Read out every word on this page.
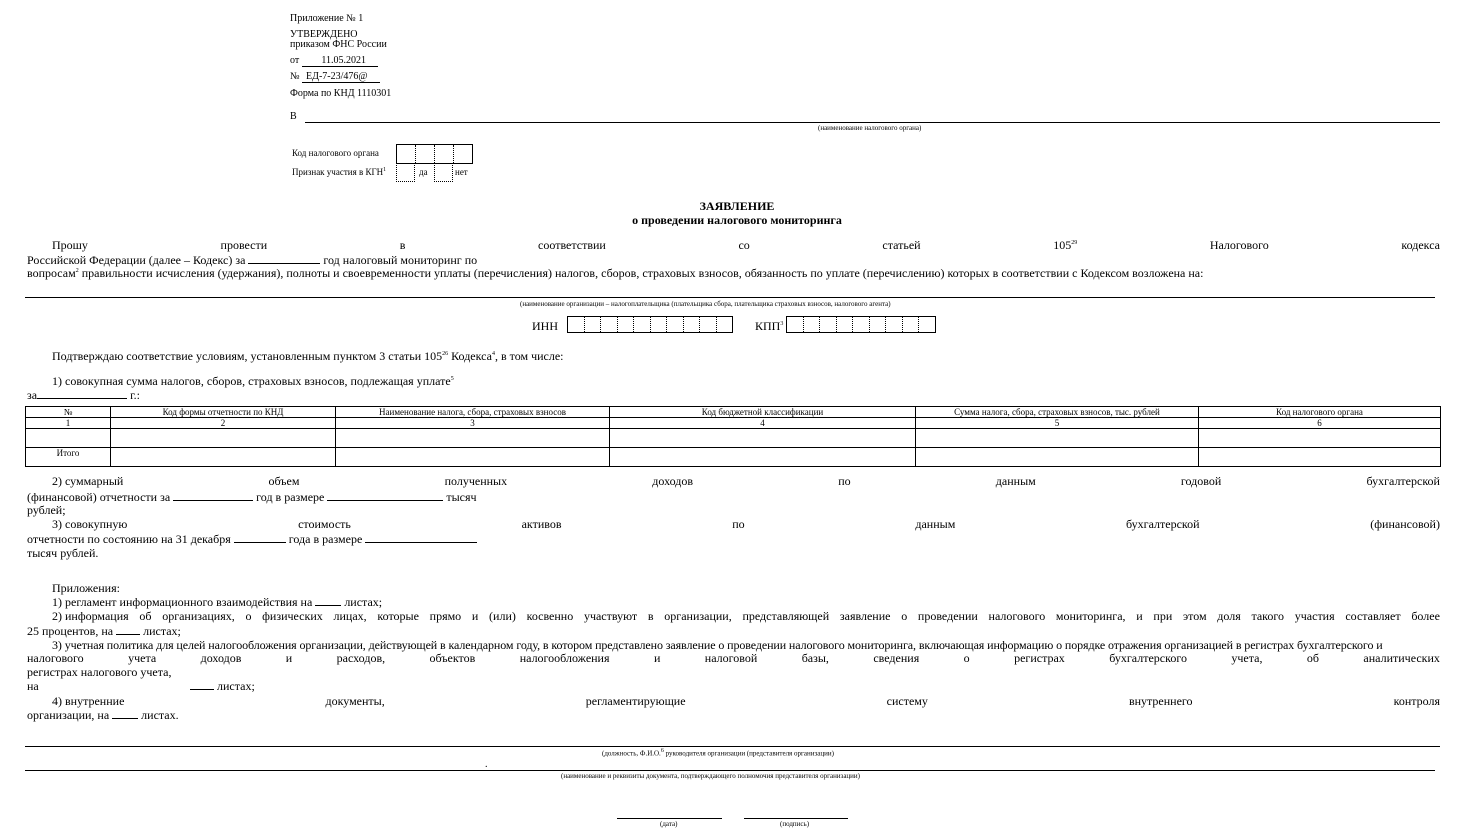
Приложение № 1
УТВЕРЖДЕНО
приказом ФНС России
от 11.05.2021
№ ЕД-7-23/476@
Форма по КНД 1110301
В
(наименование налогового органа)
Код налогового органа
Признак участия в КГН$^1$	да	нет
ЗАЯВЛЕНИЕ
о проведении налогового мониторинга
Прошу	провести	в	соответствии	со	статьей	$105^{29}$	Налогового	кодекса
Российской Федерации (далее – Кодекс) за	год налоговый мониторинг по
вопросам$^2$ правильности исчисления (удержания), полноты и своевременности уплаты (перечисления) налогов, сборов, страховых взносов, обязанность по уплате (перечислению) которых в соответствии с Кодексом возложена на:
(наименование организации – налогоплательщика (плательщика сбора, плательщика страховых взносов, налогового агента)
ИНН	КПП$^3$
Подтверждаю соответствие условиям, установленным пунктом 3 статьи $105^{26}$ Кодекса$^4$, в том числе:
1) совокупная сумма налогов, сборов, страховых взносов, подлежащая уплате$^5$
за	г.:
№	Код формы отчетности по КНД	Наименование налога, сбора, страховых взносов	Код бюджетной классификации	Сумма налога, сбора, страховых взносов, тыс. рублей	Код налогового органа
1	2	3	4	5	6

Итого					
2) суммарный	объем	полученных	доходов	по	данным	годовой	бухгалтерской
(финансовой) отчетности за	год в размере	тысяч
рублей;
3) совокупную	стоимость	активов	по	данным	бухгалтерской	(финансовой)
отчетности по состоянию на 31 декабря	года в размере
тысяч рублей.
Приложения:
1) регламент информационного взаимодействия на	листах;
2) информация об организациях, о физических лицах, которые прямо и (или) косвенно участвуют в организации, представляющей заявление о проведении налогового мониторинга, и при этом доля такого участия составляет более
25 процентов, на	листах;
3) учетная политика для целей налогообложения организации, действующей в календарном году, в котором представлено заявление о проведении налогового мониторинга, включающая информацию о порядке отражения организацией в регистрах бухгалтерского и
налогового	учета	доходов	и	расходов,	объектов	налогообложения	и	налоговой	базы,	сведения	о	регистрах	бухгалтерского	учета,	об	аналитических
регистрах налогового учета,
на	листах;
4) внутренние	документы,	регламентирующие	систему	внутреннего	контроля
организации, на	листах.
(должность, Ф.И.О.$^6$ руководителя организации (представителя организации)
.
(наименование и реквизиты документа, подтверждающего полномочия представителя организации)
(дата)	(подпись)
